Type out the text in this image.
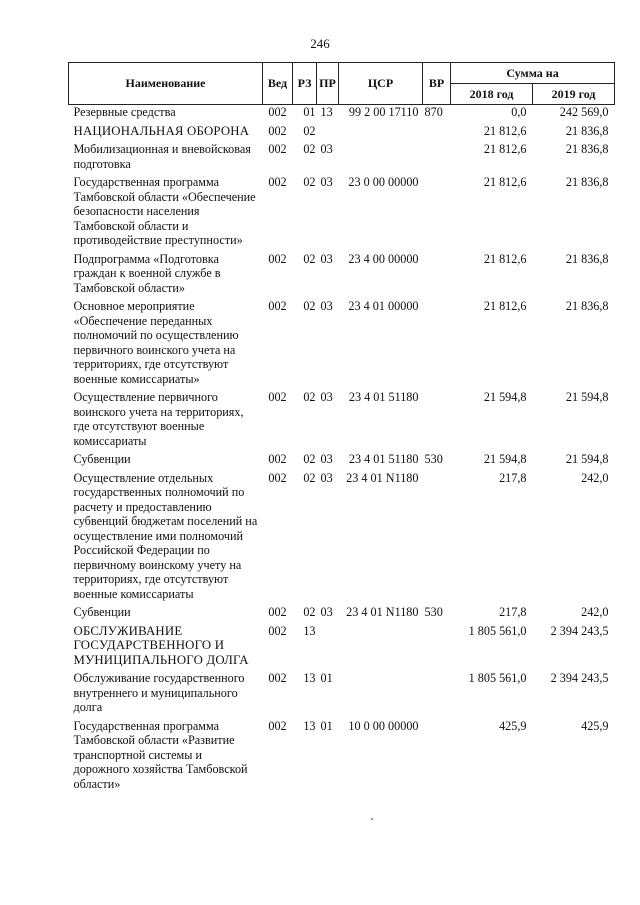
246
Наименование	Вед	РЗ	ПР	ЦСР	ВР	Сумма на	
						2018 год	2019 год
Резервные средства	002	01	13	99 2 00 17110	870	0,0	242 569,0
НАЦИОНАЛЬНАЯ ОБОРОНА	002	02				21 812,6	21 836,8
Мобилизационная и вневойсковая подготовка	002	02	03			21 812,6	21 836,8
Государственная программа Тамбовской области «Обеспечение безопасности населения Тамбовской области и противодействие преступности»	002	02	03	23 0 00 00000		21 812,6	21 836,8
Подпрограмма «Подготовка граждан к военной службе в Тамбовской области»	002	02	03	23 4 00 00000		21 812,6	21 836,8
Основное мероприятие «Обеспечение переданных полномочий по осуществлению первичного воинского учета на территориях, где отсутствуют военные комиссариаты»	002	02	03	23 4 01 00000		21 812,6	21 836,8
Осуществление первичного воинского учета на территориях, где отсутствуют военные комиссариаты	002	02	03	23 4 01 51180		21 594,8	21 594,8
Субвенции	002	02	03	23 4 01 51180	530	21 594,8	21 594,8
Осуществление отдельных государственных полномочий по расчету и предоставлению субвенций бюджетам поселений на осуществление ими полномочий Российской Федерации по первичному воинскому учету на территориях, где отсутствуют военные комиссариаты	002	02	03	23 4 01 N1180		217,8	242,0
Субвенции	002	02	03	23 4 01 N1180	530	217,8	242,0
ОБСЛУЖИВАНИЕ ГОСУДАРСТВЕННОГО И МУНИЦИПАЛЬНОГО ДОЛГА	002	13				1 805 561,0	2 394 243,5
Обслуживание государственного внутреннего и муниципального долга	002	13	01			1 805 561,0	2 394 243,5
Государственная программа Тамбовской области «Развитие транспортной системы и дорожного хозяйства Тамбовской области»	002	13	01	10 0 00 00000		425,9	425,9
